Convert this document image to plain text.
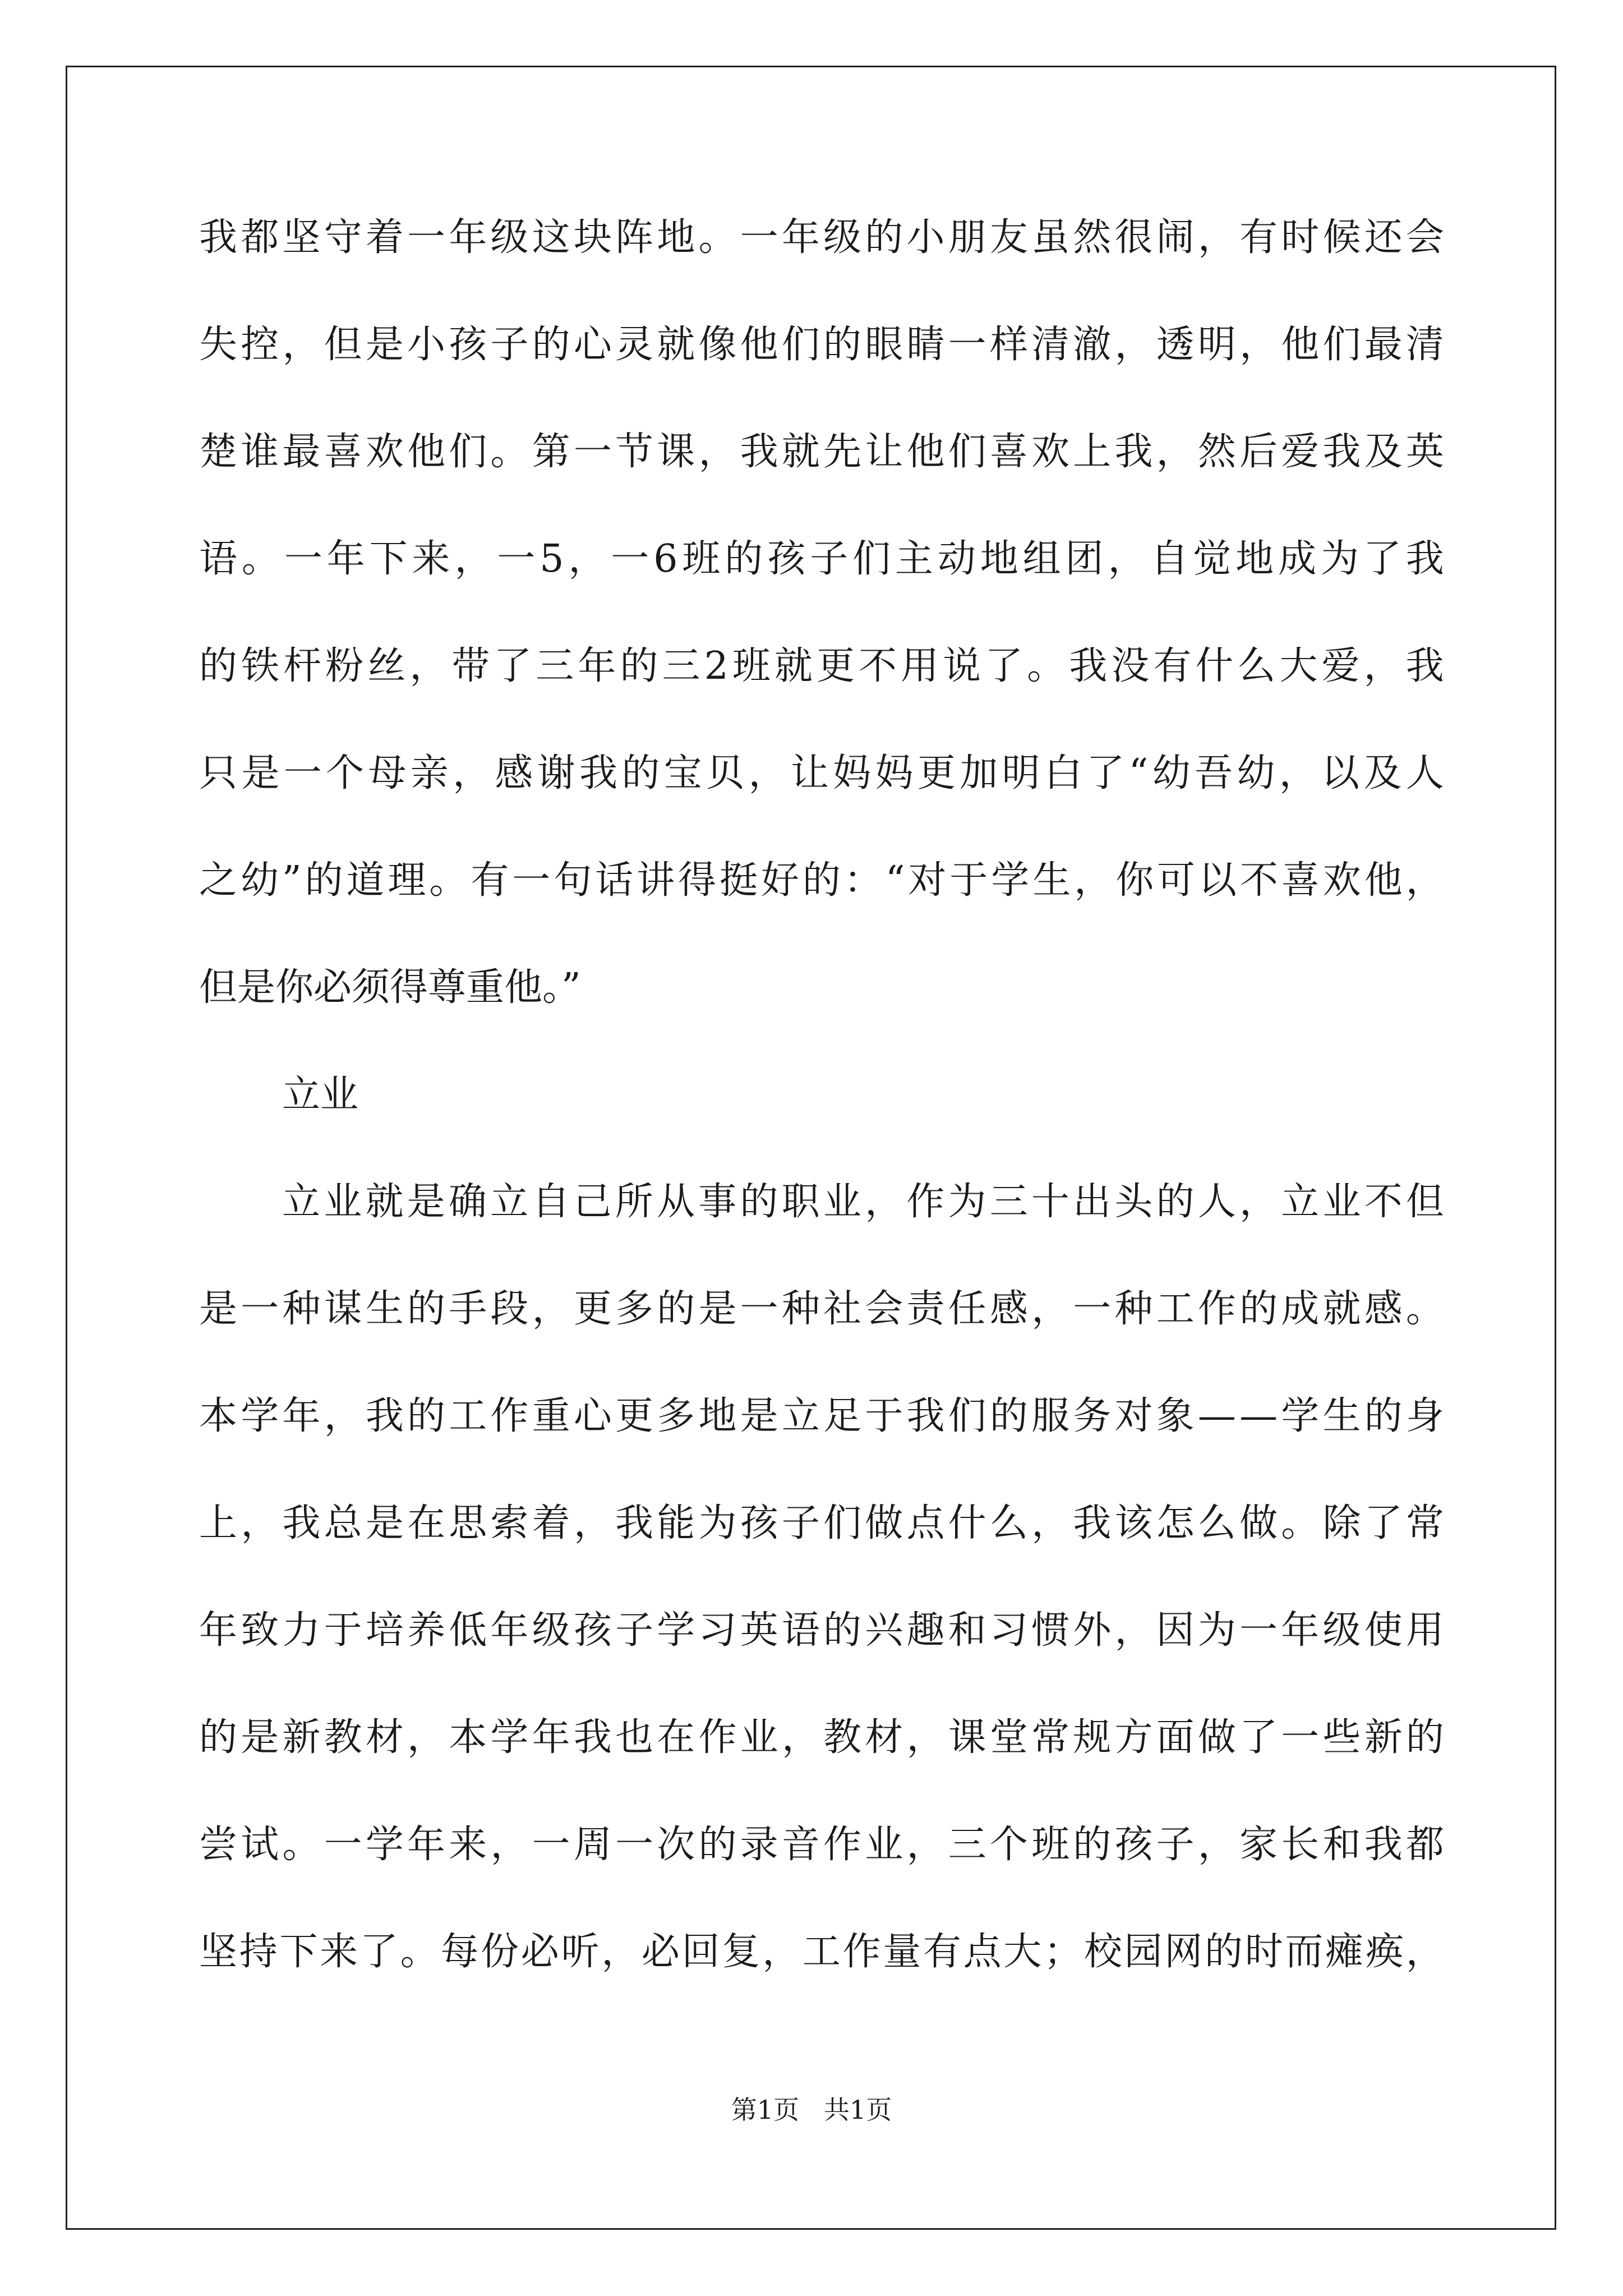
我 都 坚 守 着 一 年 级 这 块 阵 地 。 一 年 级 的 小 朋 友 虽 然 很 闹 ， 有 时 候 还 会
失 控 ， 但 是 小 孩 子 的 心 灵 就 像 他 们 的 眼 睛 一 样 清 澈 ， 透 明 ， 他 们 最 清
楚 谁 最 喜 欢 他 们 。 第 一 节 课 ， 我 就 先 让 他 们 喜 欢 上 我 ， 然 后 爱 我 及 英
语 。 一 年 下 来 ， 一 5 ， 一 6 班 的 孩 子 们 主 动 地 组 团 ， 自 觉 地 成 为 了 我
的 铁 杆 粉 丝 ， 带 了 三 年 的 三 2 班 就 更 不 用 说 了 。 我 没 有 什 么 大 爱 ， 我
只 是 一 个 母 亲 ， 感 谢 我 的 宝 贝 ， 让 妈 妈 更 加 明 白 了 “ 幼 吾 幼 ， 以 及 人
之 幼 ” 的 道 理 。 有 一 句 话 讲 得 挺 好 的 ： “ 对 于 学 生 ， 你 可 以 不 喜 欢 他 ，
但是你必须得尊重他。”
立业
立 业 就 是 确 立 自 己 所 从 事 的 职 业 ， 作 为 三 十 出 头 的 人 ， 立 业 不 但
是 一 种 谋 生 的 手 段 ， 更 多 的 是 一 种 社 会 责 任 感 ， 一 种 工 作 的 成 就 感 。
本 学 年 ， 我 的 工 作 重 心 更 多 地 是 立 足 于 我 们 的 服 务 对 象 — — 学 生 的 身
上 ， 我 总 是 在 思 索 着 ， 我 能 为 孩 子 们 做 点 什 么 ， 我 该 怎 么 做 。 除 了 常
年 致 力 于 培 养 低 年 级 孩 子 学 习 英 语 的 兴 趣 和 习 惯 外 ， 因 为 一 年 级 使 用
的 是 新 教 材 ， 本 学 年 我 也 在 作 业 ， 教 材 ， 课 堂 常 规 方 面 做 了 一 些 新 的
尝 试 。 一 学 年 来 ， 一 周 一 次 的 录 音 作 业 ， 三 个 班 的 孩 子 ， 家 长 和 我 都
坚 持 下 来 了 。 每 份 必 听 ， 必 回 复 ， 工 作 量 有 点 大 ； 校 园 网 的 时 而 瘫 痪 ，
第1页   共1页
